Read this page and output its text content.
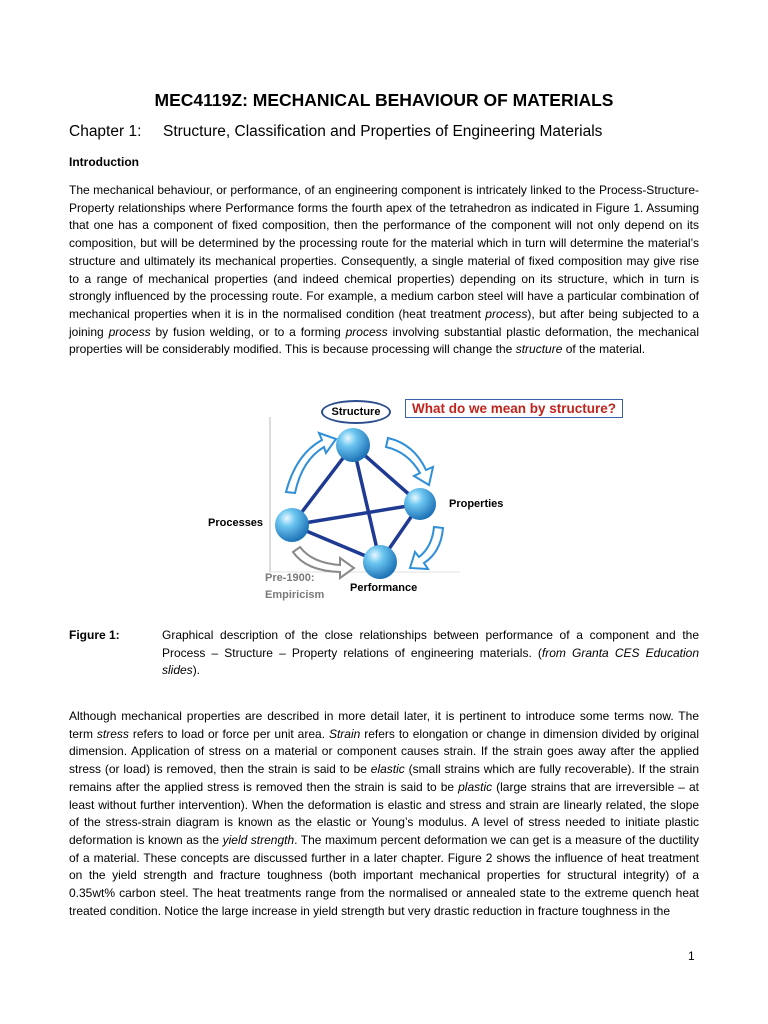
MEC4119Z: MECHANICAL BEHAVIOUR OF MATERIALS
Chapter 1: Structure, Classification and Properties of Engineering Materials
Introduction

The mechanical behaviour, or performance, of an engineering component is intricately linked to the Process-Structure-Property relationships where Performance forms the fourth apex of the tetrahedron as indicated in Figure 1. Assuming that one has a component of fixed composition, then the performance of the component will not only depend on its composition, but will be determined by the processing route for the material which in turn will determine the material’s structure and ultimately its mechanical properties. Consequently, a single material of fixed composition may give rise to a range of mechanical properties (and indeed chemical properties) depending on its structure, which in turn is strongly influenced by the processing route. For example, a medium carbon steel will have a particular combination of mechanical properties when it is in the normalised condition (heat treatment process), but after being subjected to a joining process by fusion welding, or to a forming process involving substantial plastic deformation, the mechanical properties will be considerably modified. This is because processing will change the structure of the material.

Structure	What do we mean by structure?
Properties
Processes
Performance
Pre-1900:
Empiricism
Figure 1:	Graphical description of the close relationships between performance of a component and the Process – Structure – Property relations of engineering materials. (from Granta CES Education slides).

Although mechanical properties are described in more detail later, it is pertinent to introduce some terms now. The term stress refers to load or force per unit area. Strain refers to elongation or change in dimension divided by original dimension. Application of stress on a material or component causes strain. If the strain goes away after the applied stress (or load) is removed, then the strain is said to be elastic (small strains which are fully recoverable). If the strain remains after the applied stress is removed then the strain is said to be plastic (large strains that are irreversible – at least without further intervention). When the deformation is elastic and stress and strain are linearly related, the slope of the stress-strain diagram is known as the elastic or Young’s modulus. A level of stress needed to initiate plastic deformation is known as the yield strength. The maximum percent deformation we can get is a measure of the ductility of a material. These concepts are discussed further in a later chapter. Figure 2 shows the influence of heat treatment on the yield strength and fracture toughness (both important mechanical properties for structural integrity) of a 0.35wt% carbon steel. The heat treatments range from the normalised or annealed state to the extreme quench heat treated condition. Notice the large increase in yield strength but very drastic reduction in fracture toughness in the

1
